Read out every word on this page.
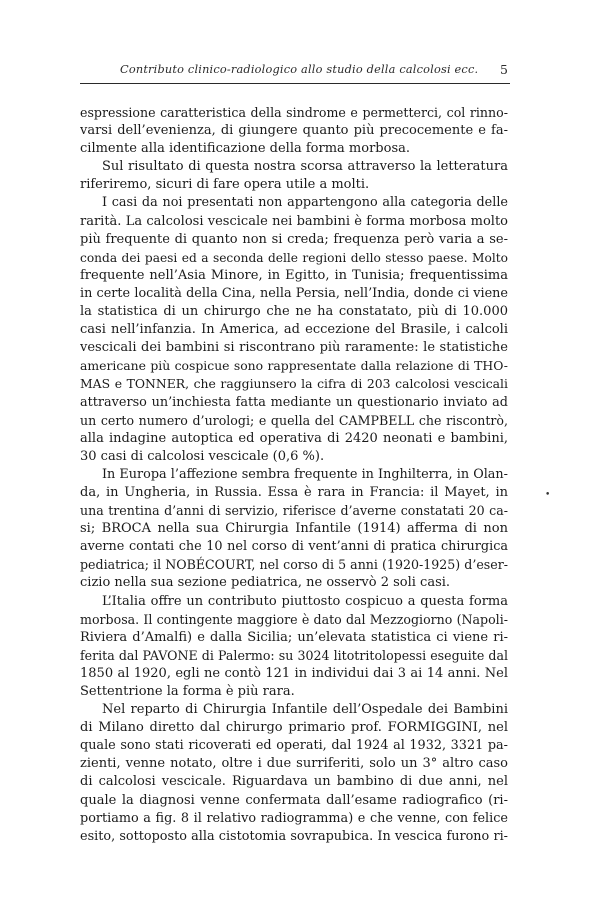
Contributo clinico-radiologico allo studio della calcolosi ecc. 5
espressione caratteristica della sindrome e permetterci, col rinno-
varsi dell’evenienza, di giungere quanto più precocemente e fa-
cilmente alla identificazione della forma morbosa.
Sul risultato di questa nostra scorsa attraverso la letteratura
riferiremo, sicuri di fare opera utile a molti.
I casi da noi presentati non appartengono alla categoria delle
rarità. La calcolosi vescicale nei bambini è forma morbosa molto
più frequente di quanto non si creda; frequenza però varia a se-
conda dei paesi ed a seconda delle regioni dello stesso paese. Molto
frequente nell’Asia Minore, in Egitto, in Tunisia; frequentissima
in certe località della Cina, nella Persia, nell’India, donde ci viene
la statistica di un chirurgo che ne ha constatato, più di 10.000
casi nell’infanzia. In America, ad eccezione del Brasile, i calcoli
vescicali dei bambini si riscontrano più raramente: le statistiche
americane più cospicue sono rappresentate dalla relazione di THO-
MAS e TONNER, che raggiunsero la cifra di 203 calcolosi vescicali
attraverso un’inchiesta fatta mediante un questionario inviato ad
un certo numero d’urologi; e quella del CAMPBELL che riscontrò,
alla indagine autoptica ed operativa di 2420 neonati e bambini,
30 casi di calcolosi vescicale (0,6 %).
In Europa l’affezione sembra frequente in Inghilterra, in Olan-
da, in Ungheria, in Russia. Essa è rara in Francia: il Mayet, in
una trentina d’anni di servizio, riferisce d’averne constatati 20 ca-
si; BROCA nella sua Chirurgia Infantile (1914) afferma di non
averne contati che 10 nel corso di vent’anni di pratica chirurgica
pediatrica; il NOBÉCOURT, nel corso di 5 anni (1920-1925) d’eser-
cizio nella sua sezione pediatrica, ne osservò 2 soli casi.
L’Italia offre un contributo piuttosto cospicuo a questa forma
morbosa. Il contingente maggiore è dato dal Mezzogiorno (Napoli-
Riviera d’Amalfi) e dalla Sicilia; un’elevata statistica ci viene ri-
ferita dal PAVONE di Palermo: su 3024 litotritolopessi eseguite dal
1850 al 1920, egli ne contò 121 in individui dai 3 ai 14 anni. Nel
Settentrione la forma è più rara.
Nel reparto di Chirurgia Infantile dell’Ospedale dei Bambini
di Milano diretto dal chirurgo primario prof. FORMIGGINI, nel
quale sono stati ricoverati ed operati, dal 1924 al 1932, 3321 pa-
zienti, venne notato, oltre i due surriferiti, solo un 3° altro caso
di calcolosi vescicale. Riguardava un bambino di due anni, nel
quale la diagnosi venne confermata dall’esame radiografico (ri-
portiamo a fig. 8 il relativo radiogramma) e che venne, con felice
esito, sottoposto alla cistotomia sovrapubica. In vescica furono ri-
•
